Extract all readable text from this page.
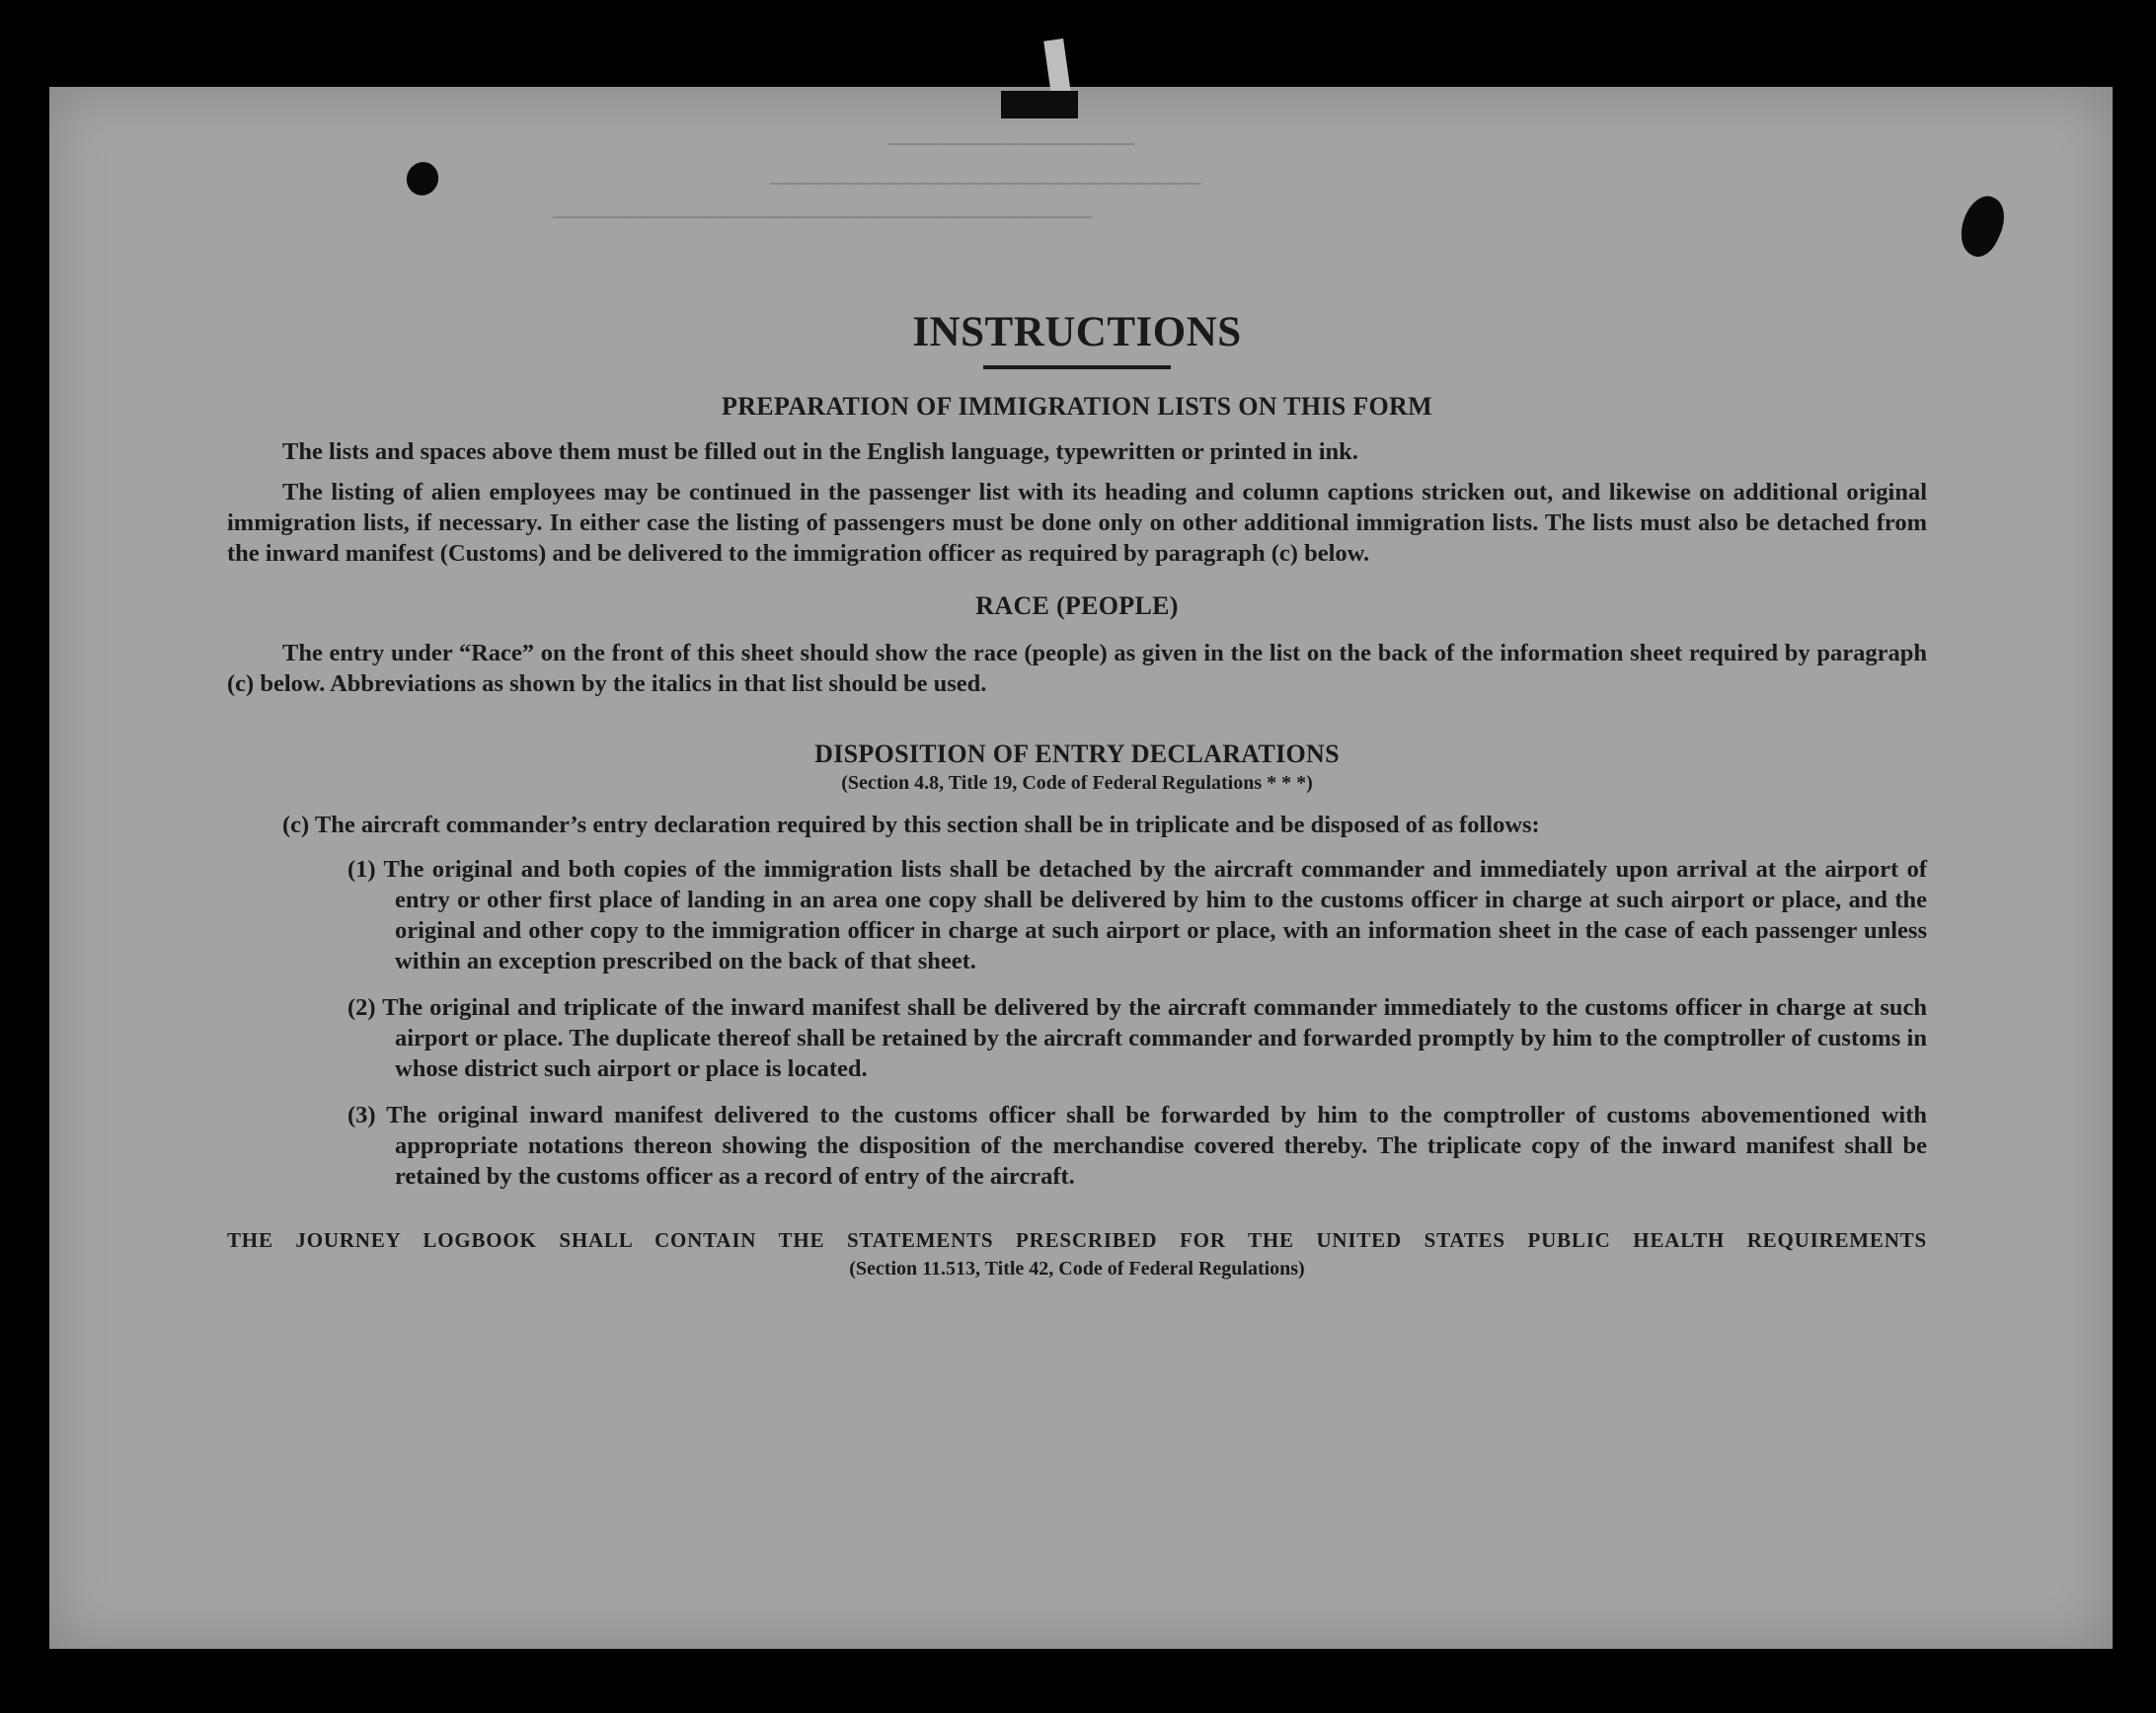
────────────────
────────────────────────────
───────────────────────────────────
INSTRUCTIONS
PREPARATION OF IMMIGRATION LISTS ON THIS FORM

The lists and spaces above them must be filled out in the English language, typewritten or printed in ink.

The listing of alien employees may be continued in the passenger list with its heading and column captions stricken out, and likewise on additional original immigration lists, if necessary. In either case the listing of passengers must be done only on other additional immigration lists. The lists must also be detached from the inward manifest (Customs) and be delivered to the immigration officer as required by paragraph (c) below.

RACE (PEOPLE)

The entry under “Race” on the front of this sheet should show the race (people) as given in the list on the back of the information sheet required by paragraph (c) below. Abbreviations as shown by the italics in that list should be used.

DISPOSITION OF ENTRY DECLARATIONS
(Section 4.8, Title 19, Code of Federal Regulations * * *)

(c) The aircraft commander’s entry declaration required by this section shall be in triplicate and be disposed of as follows:

(1) The original and both copies of the immigration lists shall be detached by the aircraft commander and immediately upon arrival at the airport of entry or other first place of landing in an area one copy shall be delivered by him to the customs officer in charge at such airport or place, and the original and other copy to the immigration officer in charge at such airport or place, with an information sheet in the case of each passenger unless within an exception prescribed on the back of that sheet.

(2) The original and triplicate of the inward manifest shall be delivered by the aircraft commander immediately to the customs officer in charge at such airport or place. The duplicate thereof shall be retained by the aircraft commander and forwarded promptly by him to the comptroller of customs in whose district such airport or place is located.

(3) The original inward manifest delivered to the customs officer shall be forwarded by him to the comptroller of customs abovementioned with appropriate notations thereon showing the disposition of the merchandise covered thereby. The triplicate copy of the inward manifest shall be retained by the customs officer as a record of entry of the aircraft.

THE JOURNEY LOGBOOK SHALL CONTAIN THE STATEMENTS PRESCRIBED FOR THE UNITED STATES PUBLIC HEALTH REQUIREMENTS
(Section 11.513, Title 42, Code of Federal Regulations)
